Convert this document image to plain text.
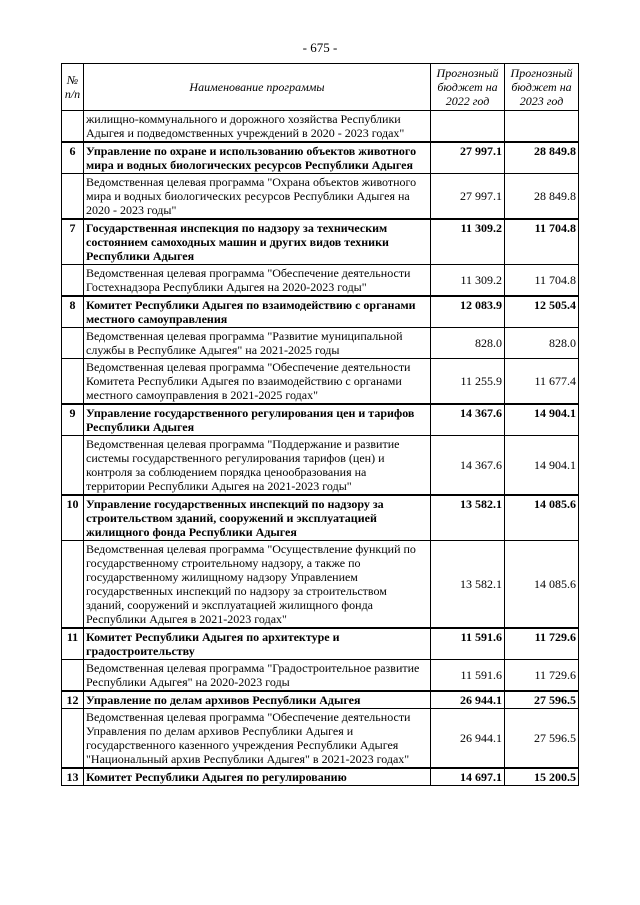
- 675 -
№ п/п	Наименование программы	Прогнозный бюджет на 2022 год	Прогнозный бюджет на 2023 год
	жилищно-коммунального и дорожного хозяйства Республики Адыгея и подведомственных учреждений в 2020 - 2023 годах"		
6	Управление по охране и использованию объектов животного мира и водных биологических ресурсов Республики Адыгея	27 997.1	28 849.8
	Ведомственная целевая программа "Охрана объектов животного мира и водных биологических ресурсов Республики Адыгея на 2020 - 2023 годы"	27 997.1	28 849.8
7	Государственная инспекция по надзору за техническим состоянием самоходных машин и других видов техники Республики Адыгея	11 309.2	11 704.8
	Ведомственная целевая программа "Обеспечение деятельности Гостехнадзора Республики Адыгея на 2020-2023 годы"	11 309.2	11 704.8
8	Комитет Республики Адыгея по взаимодействию с органами местного самоуправления	12 083.9	12 505.4
	Ведомственная целевая программа "Развитие муниципальной службы в Республике Адыгея" на 2021-2025 годы	828.0	828.0
	Ведомственная целевая программа "Обеспечение деятельности Комитета Республики Адыгея по взаимодействию с органами местного самоуправления в 2021-2025 годах"	11 255.9	11 677.4
9	Управление государственного регулирования цен и тарифов Республики Адыгея	14 367.6	14 904.1
	Ведомственная целевая программа "Поддержание и развитие системы государственного регулирования тарифов (цен) и контроля за соблюдением порядка ценообразования на территории Республики Адыгея на 2021-2023 годы"	14 367.6	14 904.1
10	Управление государственных инспекций по надзору за строительством зданий, сооружений и эксплуатацией жилищного фонда Республики Адыгея	13 582.1	14 085.6
	Ведомственная целевая программа "Осуществление функций по государственному строительному надзору, а также по государственному жилищному надзору Управлением государственных инспекций по надзору за строительством зданий, сооружений и эксплуатацией жилищного фонда Республики Адыгея в 2021-2023 годах"	13 582.1	14 085.6
11	Комитет Республики Адыгея по архитектуре и градостроительству	11 591.6	11 729.6
	Ведомственная целевая программа "Градостроительное развитие Республики Адыгея" на 2020-2023 годы	11 591.6	11 729.6
12	Управление по делам архивов Республики Адыгея	26 944.1	27 596.5
	Ведомственная целевая программа "Обеспечение деятельности Управления по делам архивов Республики Адыгея и государственного казенного учреждения Республики Адыгея "Национальный архив Республики Адыгея" в 2021-2023 годах"	26 944.1	27 596.5
13	Комитет Республики Адыгея по регулированию	14 697.1	15 200.5
